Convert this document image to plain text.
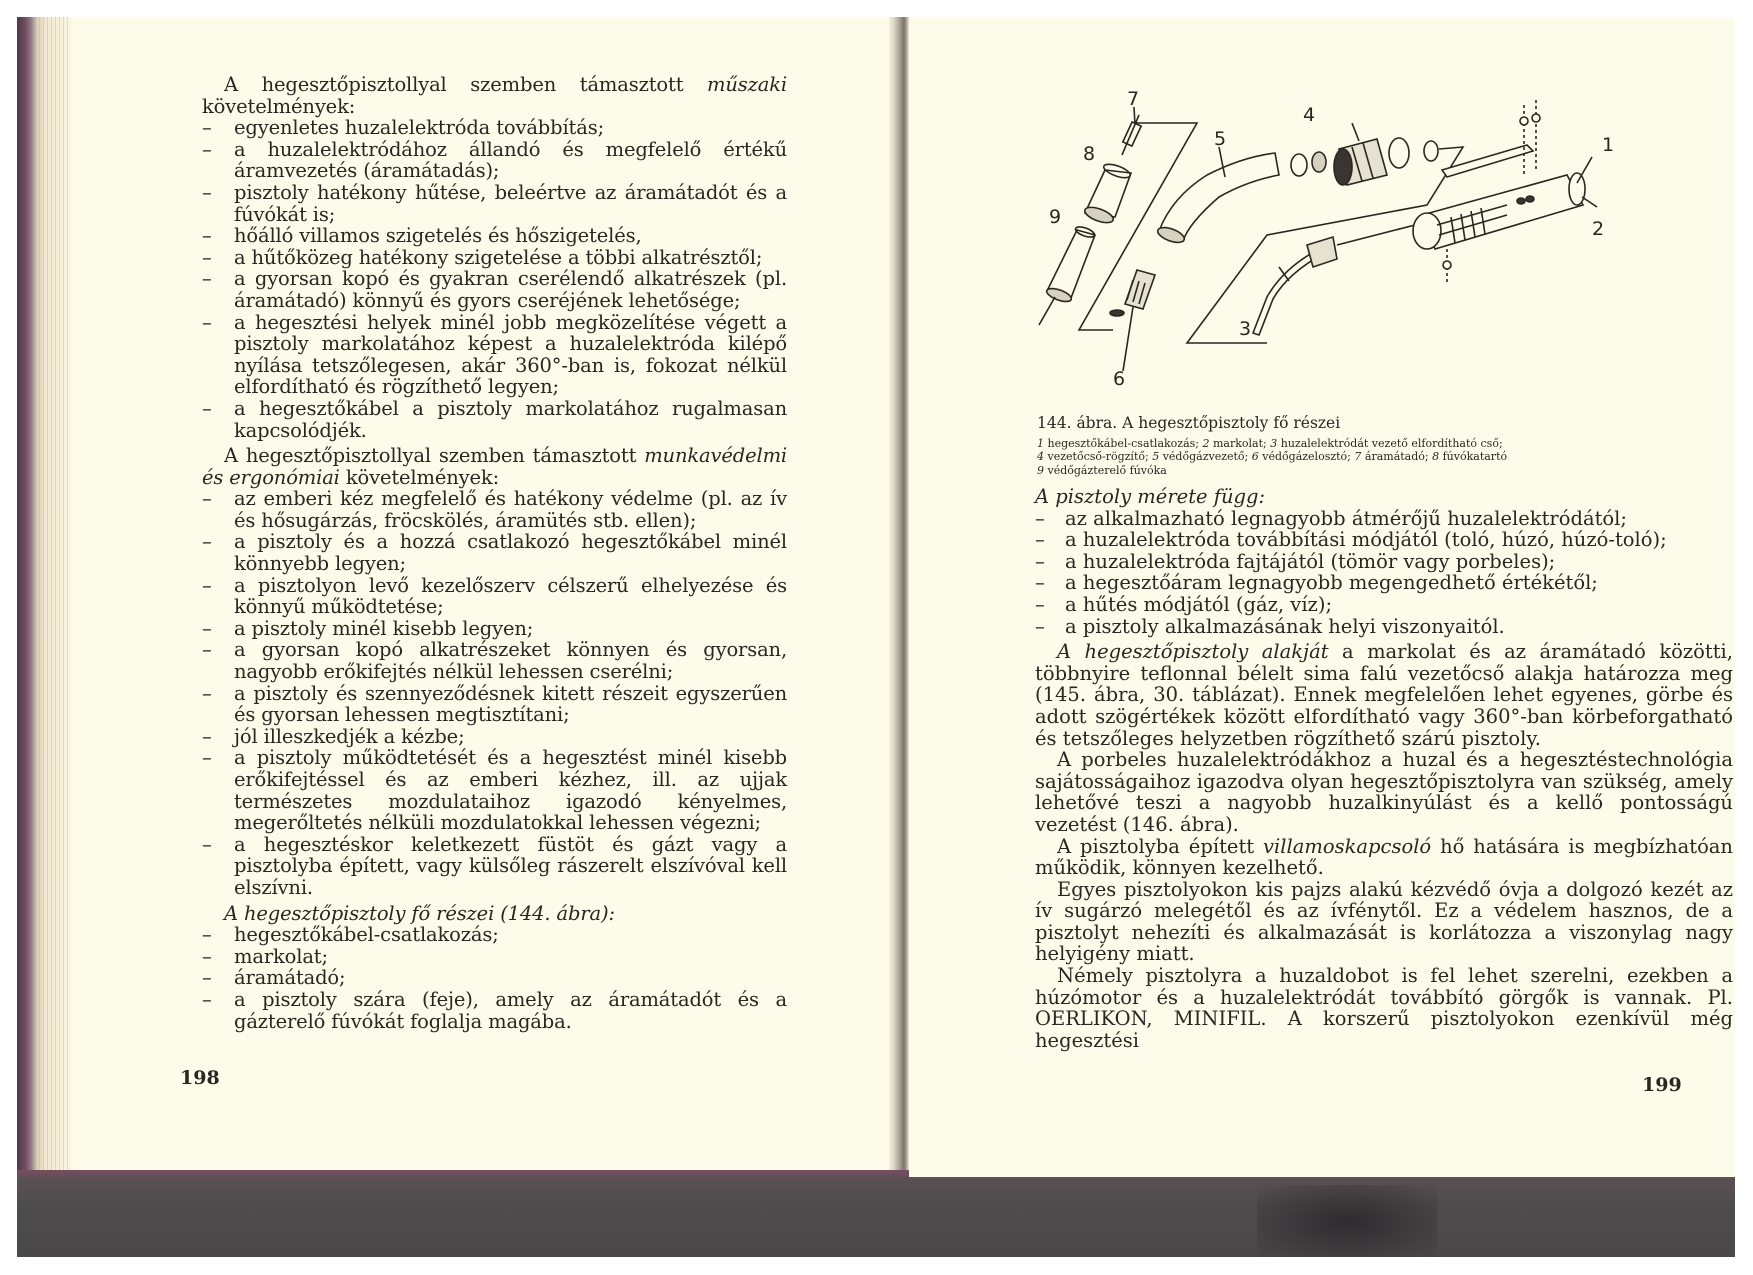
A hegesztőpisztollyal szemben támasztott műszaki követelmények:

– egyenletes huzalelektróda továbbítás;
– a huzalelektródához állandó és megfelelő értékű áramvezetés (áramátadás);
– pisztoly hatékony hűtése, beleértve az áramátadót és a fúvókát is;
– hőálló villamos szigetelés és hőszigetelés,
– a hűtőközeg hatékony szigetelése a többi alkatrésztől;
– a gyorsan kopó és gyakran cserélendő alkatrészek (pl. áramátadó) könnyű és gyors cseréjének lehetősége;
– a hegesztési helyek minél jobb megközelítése végett a pisztoly markolatához képest a huzalelektróda kilépő nyílása tetszőlegesen, akár 360°-ban is, fokozat nélkül elfordítható és rögzíthető legyen;
– a hegesztőkábel a pisztoly markolatához rugalmasan kapcsolódjék.

A hegesztőpisztollyal szemben támasztott munkavédelmi és ergonómiai követelmények:

– az emberi kéz megfelelő és hatékony védelme (pl. az ív és hősugárzás, fröcskölés, áramütés stb. ellen);
– a pisztoly és a hozzá csatlakozó hegesztőkábel minél könnyebb legyen;
– a pisztolyon levő kezelőszerv célszerű elhelyezése és könnyű működtetése;
– a pisztoly minél kisebb legyen;
– a gyorsan kopó alkatrészeket könnyen és gyorsan, nagyobb erőkifejtés nélkül lehessen cserélni;
– a pisztoly és szennyeződésnek kitett részeit egyszerűen és gyorsan lehessen megtisztítani;
– jól illeszkedjék a kézbe;
– a pisztoly működtetését és a hegesztést minél kisebb erőkifejtéssel és az emberi kézhez, ill. az ujjak természetes mozdulataihoz igazodó kényelmes, megerőltetés nélküli mozdulatokkal lehessen végezni;
– a hegesztéskor keletkezett füstöt és gázt vagy a pisztolyba épített, vagy külsőleg rászerelt elszívóval kell elszívni.

A hegesztőpisztoly fő részei (144. ábra):

– hegesztőkábel-csatlakozás;
– markolat;
– áramátadó;
– a pisztoly szára (feje), amely az áramátadót és a gázterelő fúvókát foglalja magába.
198
1
2
3
4
5
6
7
8
9
144. ábra. A hegesztőpisztoly fő részei
1 hegesztőkábel-csatlakozás; 2 markolat; 3 huzalelektródát vezető elfordítható cső;
4 vezetőcső-rögzítő; 5 védőgázvezető; 6 védőgázelosztó; 7 áramátadó; 8 fúvókatartó
9 védőgázterelő fúvóka

A pisztoly mérete függ:

– az alkalmazható legnagyobb átmérőjű huzalelektródától;
– a huzalelektróda továbbítási módjától (toló, húzó, húzó-toló);
– a huzalelektróda fajtájától (tömör vagy porbeles);
– a hegesztőáram legnagyobb megengedhető értékétől;
– a hűtés módjától (gáz, víz);
– a pisztoly alkalmazásának helyi viszonyaitól.

A hegesztőpisztoly alakját a markolat és az áramátadó közötti, többnyire teflonnal bélelt sima falú vezetőcső alakja határozza meg (145. ábra, 30. táblázat). Ennek megfelelően lehet egyenes, görbe és adott szögértékek között elfordítható vagy 360°-ban körbeforgatható és tetszőleges helyzetben rögzíthető szárú pisztoly.

A porbeles huzalelektródákhoz a huzal és a hegesztéstechnológia sajátosságaihoz igazodva olyan hegesztőpisztolyra van szükség, amely lehetővé teszi a nagyobb huzalkinyúlást és a kellő pontosságú vezetést (146. ábra).

A pisztolyba épített villamoskapcsoló hő hatására is megbízhatóan működik, könnyen kezelhető.

Egyes pisztolyokon kis pajzs alakú kézvédő óvja a dolgozó kezét az ív sugárzó melegétől és az ívfénytől. Ez a védelem hasznos, de a pisztolyt nehezíti és alkalmazását is korlátozza a viszonylag nagy helyigény miatt.

Némely pisztolyra a huzaldobot is fel lehet szerelni, ezekben a húzómotor és a huzalelektródát továbbító görgők is vannak. Pl. OERLIKON, MINIFIL. A korszerű pisztolyokon ezenkívül még hegesztési

199
